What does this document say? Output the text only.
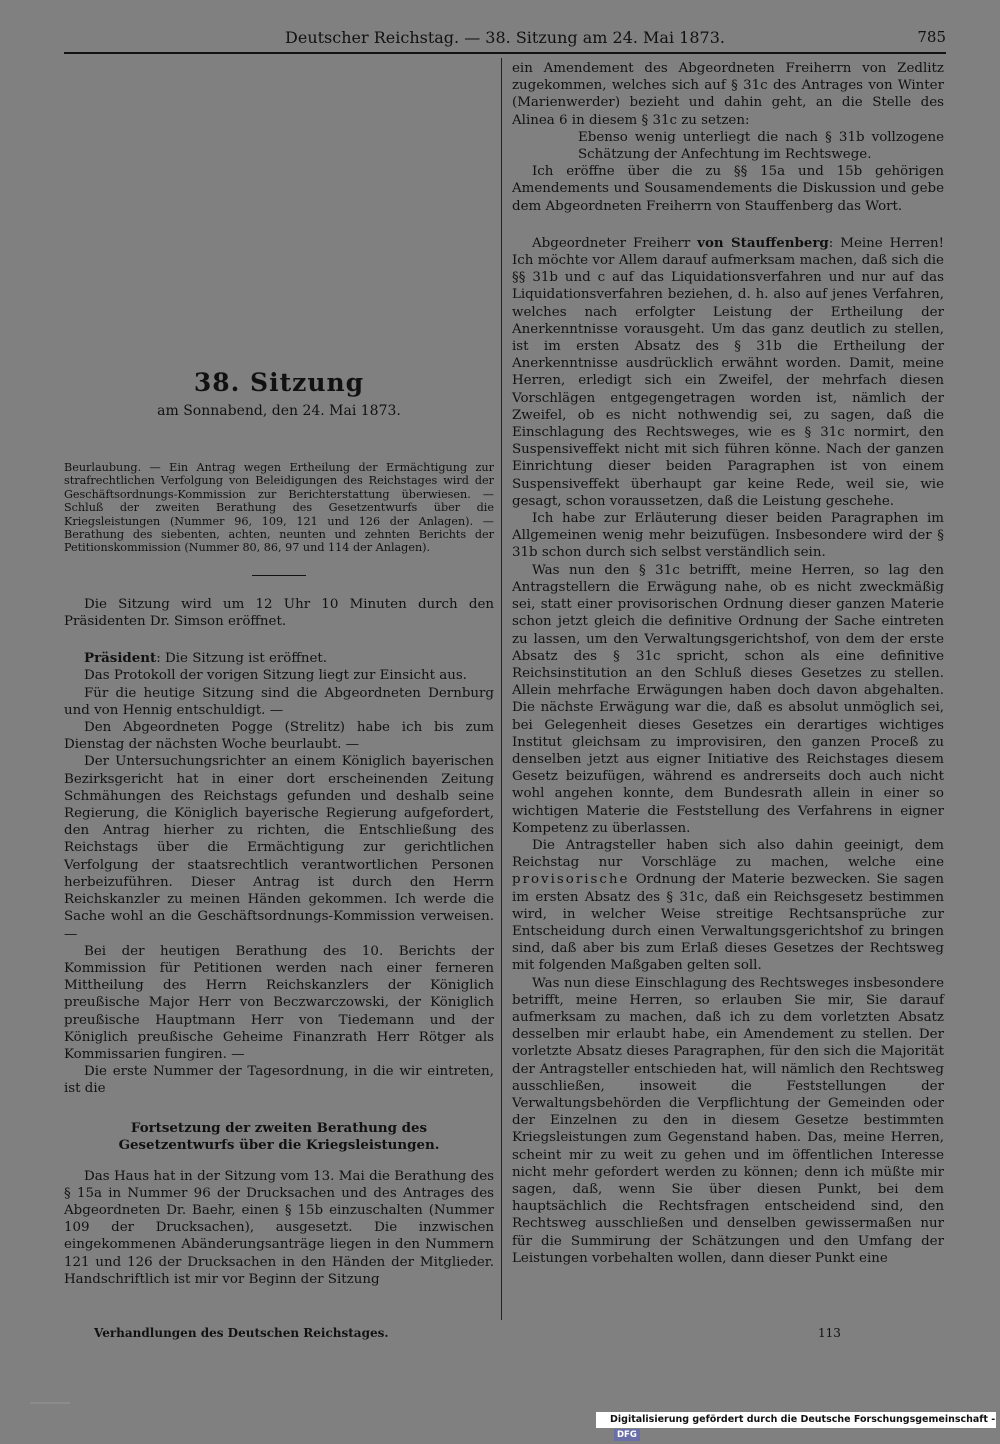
Deutscher Reichstag. — 38. Sitzung am 24. Mai 1873.	785
38. Sitzung
am Sonnabend, den 24. Mai 1873.

Beurlaubung. — Ein Antrag wegen Ertheilung der Ermächtigung zur strafrechtlichen Verfolgung von Beleidigungen des Reichstages wird der Geschäftsordnungs-Kommission zur Berichterstattung überwiesen. — Schluß der zweiten Berathung des Gesetzentwurfs über die Kriegsleistungen (Nummer 96, 109, 121 und 126 der Anlagen). — Berathung des siebenten, achten, neunten und zehnten Berichts der Petitionskommission (Nummer 80, 86, 97 und 114 der Anlagen).

Die Sitzung wird um 12 Uhr 10 Minuten durch den Präsidenten Dr. Simson eröffnet.

Präsident: Die Sitzung ist eröffnet.

Das Protokoll der vorigen Sitzung liegt zur Einsicht aus.

Für die heutige Sitzung sind die Abgeordneten Dernburg und von Hennig entschuldigt. —

Den Abgeordneten Pogge (Strelitz) habe ich bis zum Dienstag der nächsten Woche beurlaubt. —

Der Untersuchungsrichter an einem Königlich bayerischen Bezirksgericht hat in einer dort erscheinenden Zeitung Schmähungen des Reichstags gefunden und deshalb seine Regierung, die Königlich bayerische Regierung aufgefordert, den Antrag hierher zu richten, die Entschließung des Reichstags über die Ermächtigung zur gerichtlichen Verfolgung der staatsrechtlich verantwortlichen Personen herbeizuführen. Dieser Antrag ist durch den Herrn Reichskanzler zu meinen Händen gekommen. Ich werde die Sache wohl an die Geschäftsordnungs-Kommission verweisen. —

Bei der heutigen Berathung des 10. Berichts der Kommission für Petitionen werden nach einer ferneren Mittheilung des Herrn Reichskanzlers der Königlich preußische Major Herr von Beczwarczowski, der Königlich preußische Hauptmann Herr von Tiedemann und der Königlich preußische Geheime Finanzrath Herr Rötger als Kommissarien fungiren. —

Die erste Nummer der Tagesordnung, in die wir eintreten, ist die

Fortsetzung der zweiten Berathung des Gesetzentwurfs über die Kriegsleistungen.

Das Haus hat in der Sitzung vom 13. Mai die Berathung des § 15a in Nummer 96 der Drucksachen und des Antrages des Abgeordneten Dr. Baehr, einen § 15b einzuschalten (Nummer 109 der Drucksachen), ausgesetzt. Die inzwischen eingekommenen Abänderungsanträge liegen in den Nummern 121 und 126 der Drucksachen in den Händen der Mitglieder. Handschriftlich ist mir vor Beginn der Sitzung

ein Amendement des Abgeordneten Freiherrn von Zedlitz zugekommen, welches sich auf § 31c des Antrages von Winter (Marienwerder) bezieht und dahin geht, an die Stelle des Alinea 6 in diesem § 31c zu setzen:

Ebenso wenig unterliegt die nach § 31b vollzogene Schätzung der Anfechtung im Rechtswege.

Ich eröffne über die zu §§ 15a und 15b gehörigen Amendements und Sousamendements die Diskussion und gebe dem Abgeordneten Freiherrn von Stauffenberg das Wort.

Abgeordneter Freiherr von Stauffenberg: Meine Herren! Ich möchte vor Allem darauf aufmerksam machen, daß sich die §§ 31b und c auf das Liquidationsverfahren und nur auf das Liquidationsverfahren beziehen, d. h. also auf jenes Verfahren, welches nach erfolgter Leistung der Ertheilung der Anerkenntnisse vorausgeht. Um das ganz deutlich zu stellen, ist im ersten Absatz des § 31b die Ertheilung der Anerkenntnisse ausdrücklich erwähnt worden. Damit, meine Herren, erledigt sich ein Zweifel, der mehrfach diesen Vorschlägen entgegengetragen worden ist, nämlich der Zweifel, ob es nicht nothwendig sei, zu sagen, daß die Einschlagung des Rechtsweges, wie es § 31c normirt, den Suspensiveffekt nicht mit sich führen könne. Nach der ganzen Einrichtung dieser beiden Paragraphen ist von einem Suspensiveffekt überhaupt gar keine Rede, weil sie, wie gesagt, schon voraussetzen, daß die Leistung geschehe.

Ich habe zur Erläuterung dieser beiden Paragraphen im Allgemeinen wenig mehr beizufügen. Insbesondere wird der § 31b schon durch sich selbst verständlich sein.

Was nun den § 31c betrifft, meine Herren, so lag den Antragstellern die Erwägung nahe, ob es nicht zweckmäßig sei, statt einer provisorischen Ordnung dieser ganzen Materie schon jetzt gleich die definitive Ordnung der Sache eintreten zu lassen, um den Verwaltungsgerichtshof, von dem der erste Absatz des § 31c spricht, schon als eine definitive Reichsinstitution an den Schluß dieses Gesetzes zu stellen. Allein mehrfache Erwägungen haben doch davon abgehalten. Die nächste Erwägung war die, daß es absolut unmöglich sei, bei Gelegenheit dieses Gesetzes ein derartiges wichtiges Institut gleichsam zu improvisiren, den ganzen Proceß zu denselben jetzt aus eigner Initiative des Reichstages diesem Gesetz beizufügen, während es andrerseits doch auch nicht wohl angehen konnte, dem Bundesrath allein in einer so wichtigen Materie die Feststellung des Verfahrens in eigner Kompetenz zu überlassen.

Die Antragsteller haben sich also dahin geeinigt, dem Reichstag nur Vorschläge zu machen, welche eine provisorische Ordnung der Materie bezwecken. Sie sagen im ersten Absatz des § 31c, daß ein Reichsgesetz bestimmen wird, in welcher Weise streitige Rechtsansprüche zur Entscheidung durch einen Verwaltungsgerichtshof zu bringen sind, daß aber bis zum Erlaß dieses Gesetzes der Rechtsweg mit folgenden Maßgaben gelten soll.

Was nun diese Einschlagung des Rechtsweges insbesondere betrifft, meine Herren, so erlauben Sie mir, Sie darauf aufmerksam zu machen, daß ich zu dem vorletzten Absatz desselben mir erlaubt habe, ein Amendement zu stellen. Der vorletzte Absatz dieses Paragraphen, für den sich die Majorität der Antragsteller entschieden hat, will nämlich den Rechtsweg ausschließen, insoweit die Feststellungen der Verwaltungsbehörden die Verpflichtung der Gemeinden oder der Einzelnen zu den in diesem Gesetze bestimmten Kriegsleistungen zum Gegenstand haben. Das, meine Herren, scheint mir zu weit zu gehen und im öffentlichen Interesse nicht mehr gefordert werden zu können; denn ich müßte mir sagen, daß, wenn Sie über diesen Punkt, bei dem hauptsächlich die Rechtsfragen entscheidend sind, den Rechtsweg ausschließen und denselben gewissermaßen nur für die Summirung der Schätzungen und den Umfang der Leistungen vorbehalten wollen, dann dieser Punkt eine

Verhandlungen des Deutschen Reichstages.	113
Digitalisierung gefördert durch die Deutsche Forschungsgemeinschaft -DFG
